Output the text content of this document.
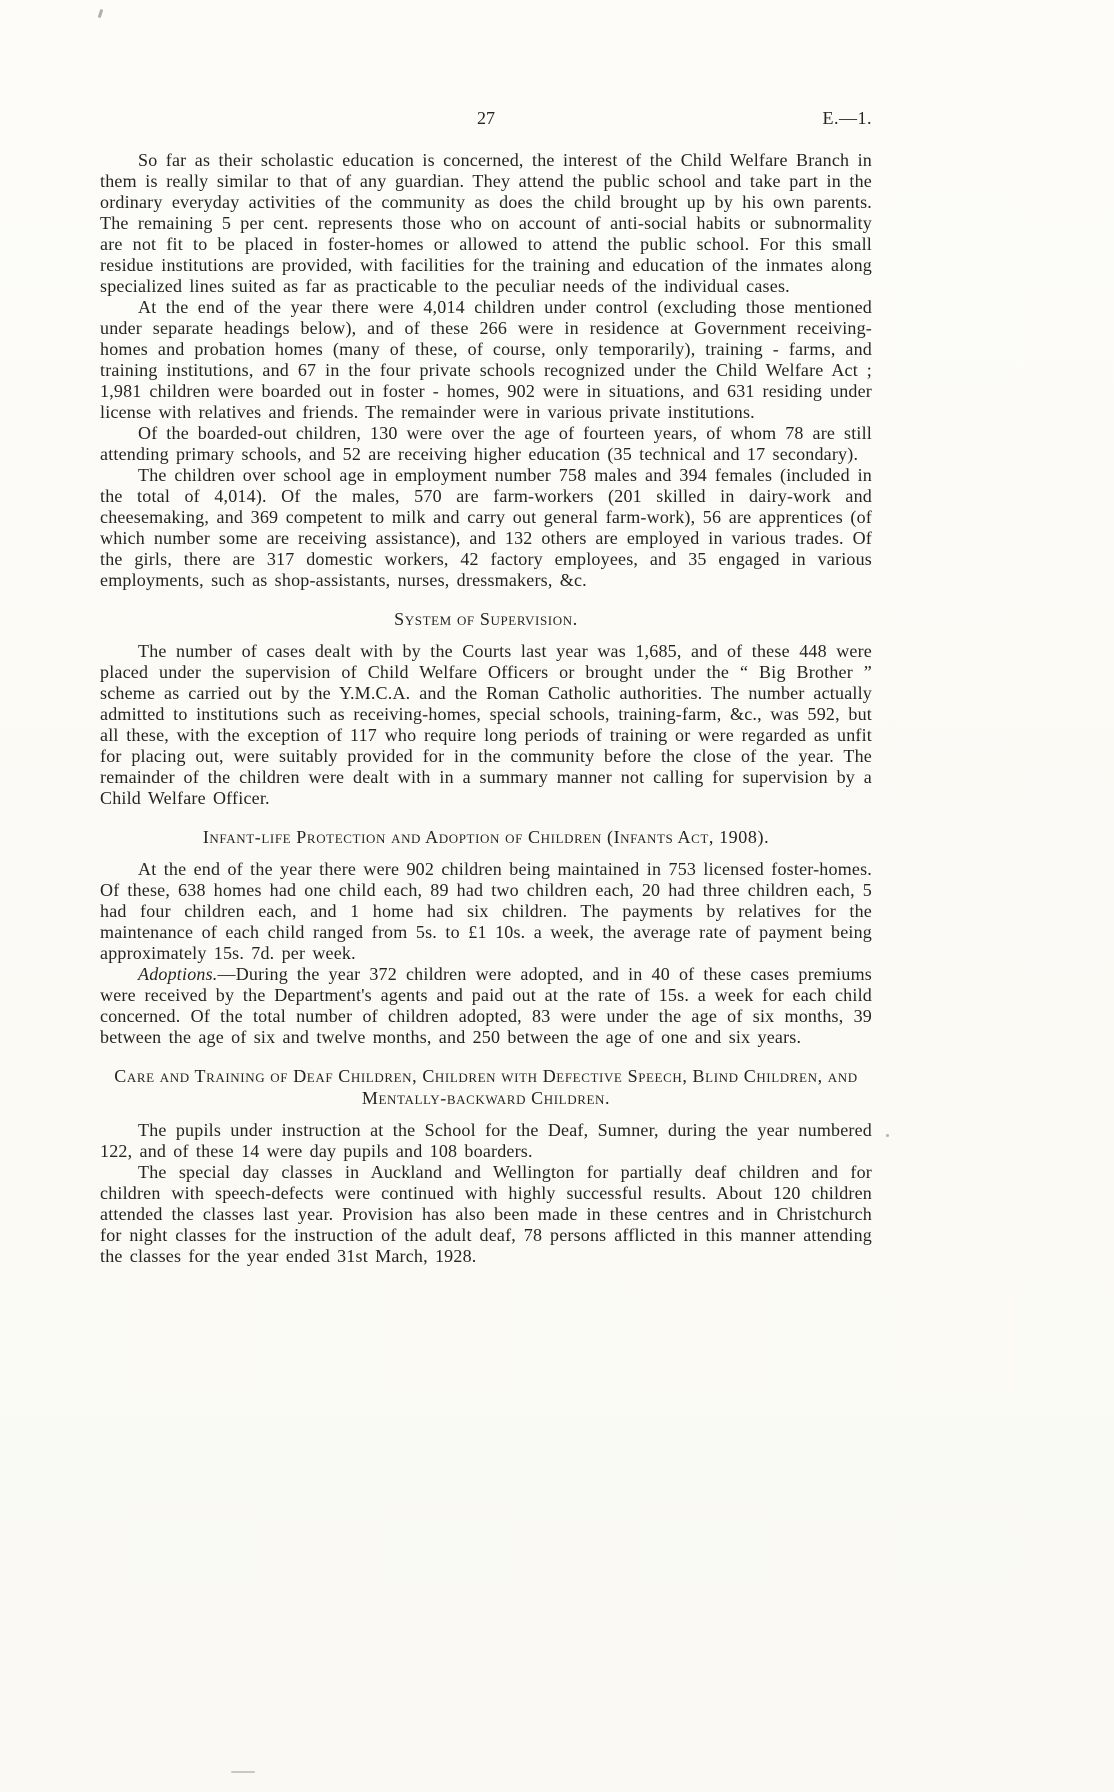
27	E.—1.

So far as their scholastic education is concerned, the interest of the Child Welfare Branch in them is really similar to that of any guardian. They attend the public school and take part in the ordinary everyday activities of the community as does the child brought up by his own parents. The remaining 5 per cent. represents those who on account of anti-social habits or subnormality are not fit to be placed in foster-homes or allowed to attend the public school. For this small residue institutions are provided, with facilities for the training and education of the inmates along specialized lines suited as far as practicable to the peculiar needs of the individual cases.

At the end of the year there were 4,014 children under control (excluding those mentioned under separate headings below), and of these 266 were in residence at Government receiving-homes and probation homes (many of these, of course, only temporarily), training - farms, and training institutions, and 67 in the four private schools recognized under the Child Welfare Act ; 1,981 children were boarded out in foster - homes, 902 were in situations, and 631 residing under license with relatives and friends. The remainder were in various private institutions.

Of the boarded-out children, 130 were over the age of fourteen years, of whom 78 are still attending primary schools, and 52 are receiving higher education (35 technical and 17 secondary).

The children over school age in employment number 758 males and 394 females (included in the total of 4,014). Of the males, 570 are farm-workers (201 skilled in dairy-work and cheesemaking, and 369 competent to milk and carry out general farm-work), 56 are apprentices (of which number some are receiving assistance), and 132 others are employed in various trades. Of the girls, there are 317 domestic workers, 42 factory employees, and 35 engaged in various employments, such as shop-assistants, nurses, dressmakers, &c.

System of Supervision.

The number of cases dealt with by the Courts last year was 1,685, and of these 448 were placed under the supervision of Child Welfare Officers or brought under the “ Big Brother ” scheme as carried out by the Y.M.C.A. and the Roman Catholic authorities. The number actually admitted to institutions such as receiving-homes, special schools, training-farm, &c., was 592, but all these, with the exception of 117 who require long periods of training or were regarded as unfit for placing out, were suitably provided for in the community before the close of the year. The remainder of the children were dealt with in a summary manner not calling for supervision by a Child Welfare Officer.

Infant-life Protection and Adoption of Children (Infants Act, 1908).

At the end of the year there were 902 children being maintained in 753 licensed foster-homes. Of these, 638 homes had one child each, 89 had two children each, 20 had three children each, 5 had four children each, and 1 home had six children. The payments by relatives for the maintenance of each child ranged from 5s. to £1 10s. a week, the average rate of payment being approximately 15s. 7d. per week.

Adoptions.—During the year 372 children were adopted, and in 40 of these cases premiums were received by the Department's agents and paid out at the rate of 15s. a week for each child concerned. Of the total number of children adopted, 83 were under the age of six months, 39 between the age of six and twelve months, and 250 between the age of one and six years.

Care and Training of Deaf Children, Children with Defective Speech, Blind Children, and Mentally-backward Children.

The pupils under instruction at the School for the Deaf, Sumner, during the year numbered 122, and of these 14 were day pupils and 108 boarders.

The special day classes in Auckland and Wellington for partially deaf children and for children with speech-defects were continued with highly successful results. About 120 children attended the classes last year. Provision has also been made in these centres and in Christchurch for night classes for the instruction of the adult deaf, 78 persons afflicted in this manner attending the classes for the year ended 31st March, 1928.
